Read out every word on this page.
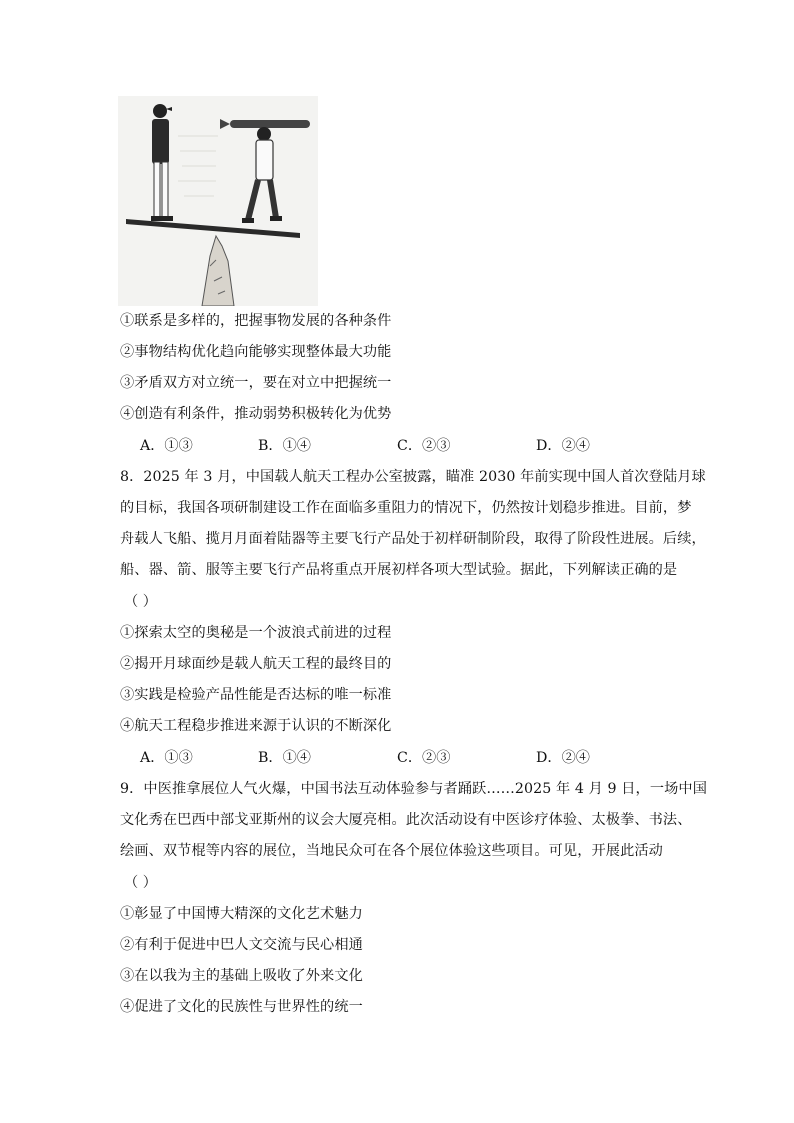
①联系是多样的，把握事物发展的各种条件
②事物结构优化趋向能够实现整体最大功能
③矛盾双方对立统一，要在对立中把握统一
④创造有利条件，推动弱势积极转化为优势
A．①③	B．①④	C．②③	D．②④
8．2025 年 3 月，中国载人航天工程办公室披露，瞄准 2030 年前实现中国人首次登陆月球
的目标，我国各项研制建设工作在面临多重阻力的情况下，仍然按计划稳步推进。目前，梦
舟载人飞船、揽月月面着陆器等主要飞行产品处于初样研制阶段，取得了阶段性进展。后续，
船、器、箭、服等主要飞行产品将重点开展初样各项大型试验。据此，下列解读正确的是
（ ）
①探索太空的奥秘是一个波浪式前进的过程
②揭开月球面纱是载人航天工程的最终目的
③实践是检验产品性能是否达标的唯一标准
④航天工程稳步推进来源于认识的不断深化
A．①③	B．①④	C．②③	D．②④
9．中医推拿展位人气火爆，中国书法互动体验参与者踊跃……2025 年 4 月 9 日，一场中国
文化秀在巴西中部戈亚斯州的议会大厦亮相。此次活动设有中医诊疗体验、太极拳、书法、
绘画、双节棍等内容的展位，当地民众可在各个展位体验这些项目。可见，开展此活动
（ ）
①彰显了中国博大精深的文化艺术魅力
②有利于促进中巴人文交流与民心相通
③在以我为主的基础上吸收了外来文化
④促进了文化的民族性与世界性的统一
